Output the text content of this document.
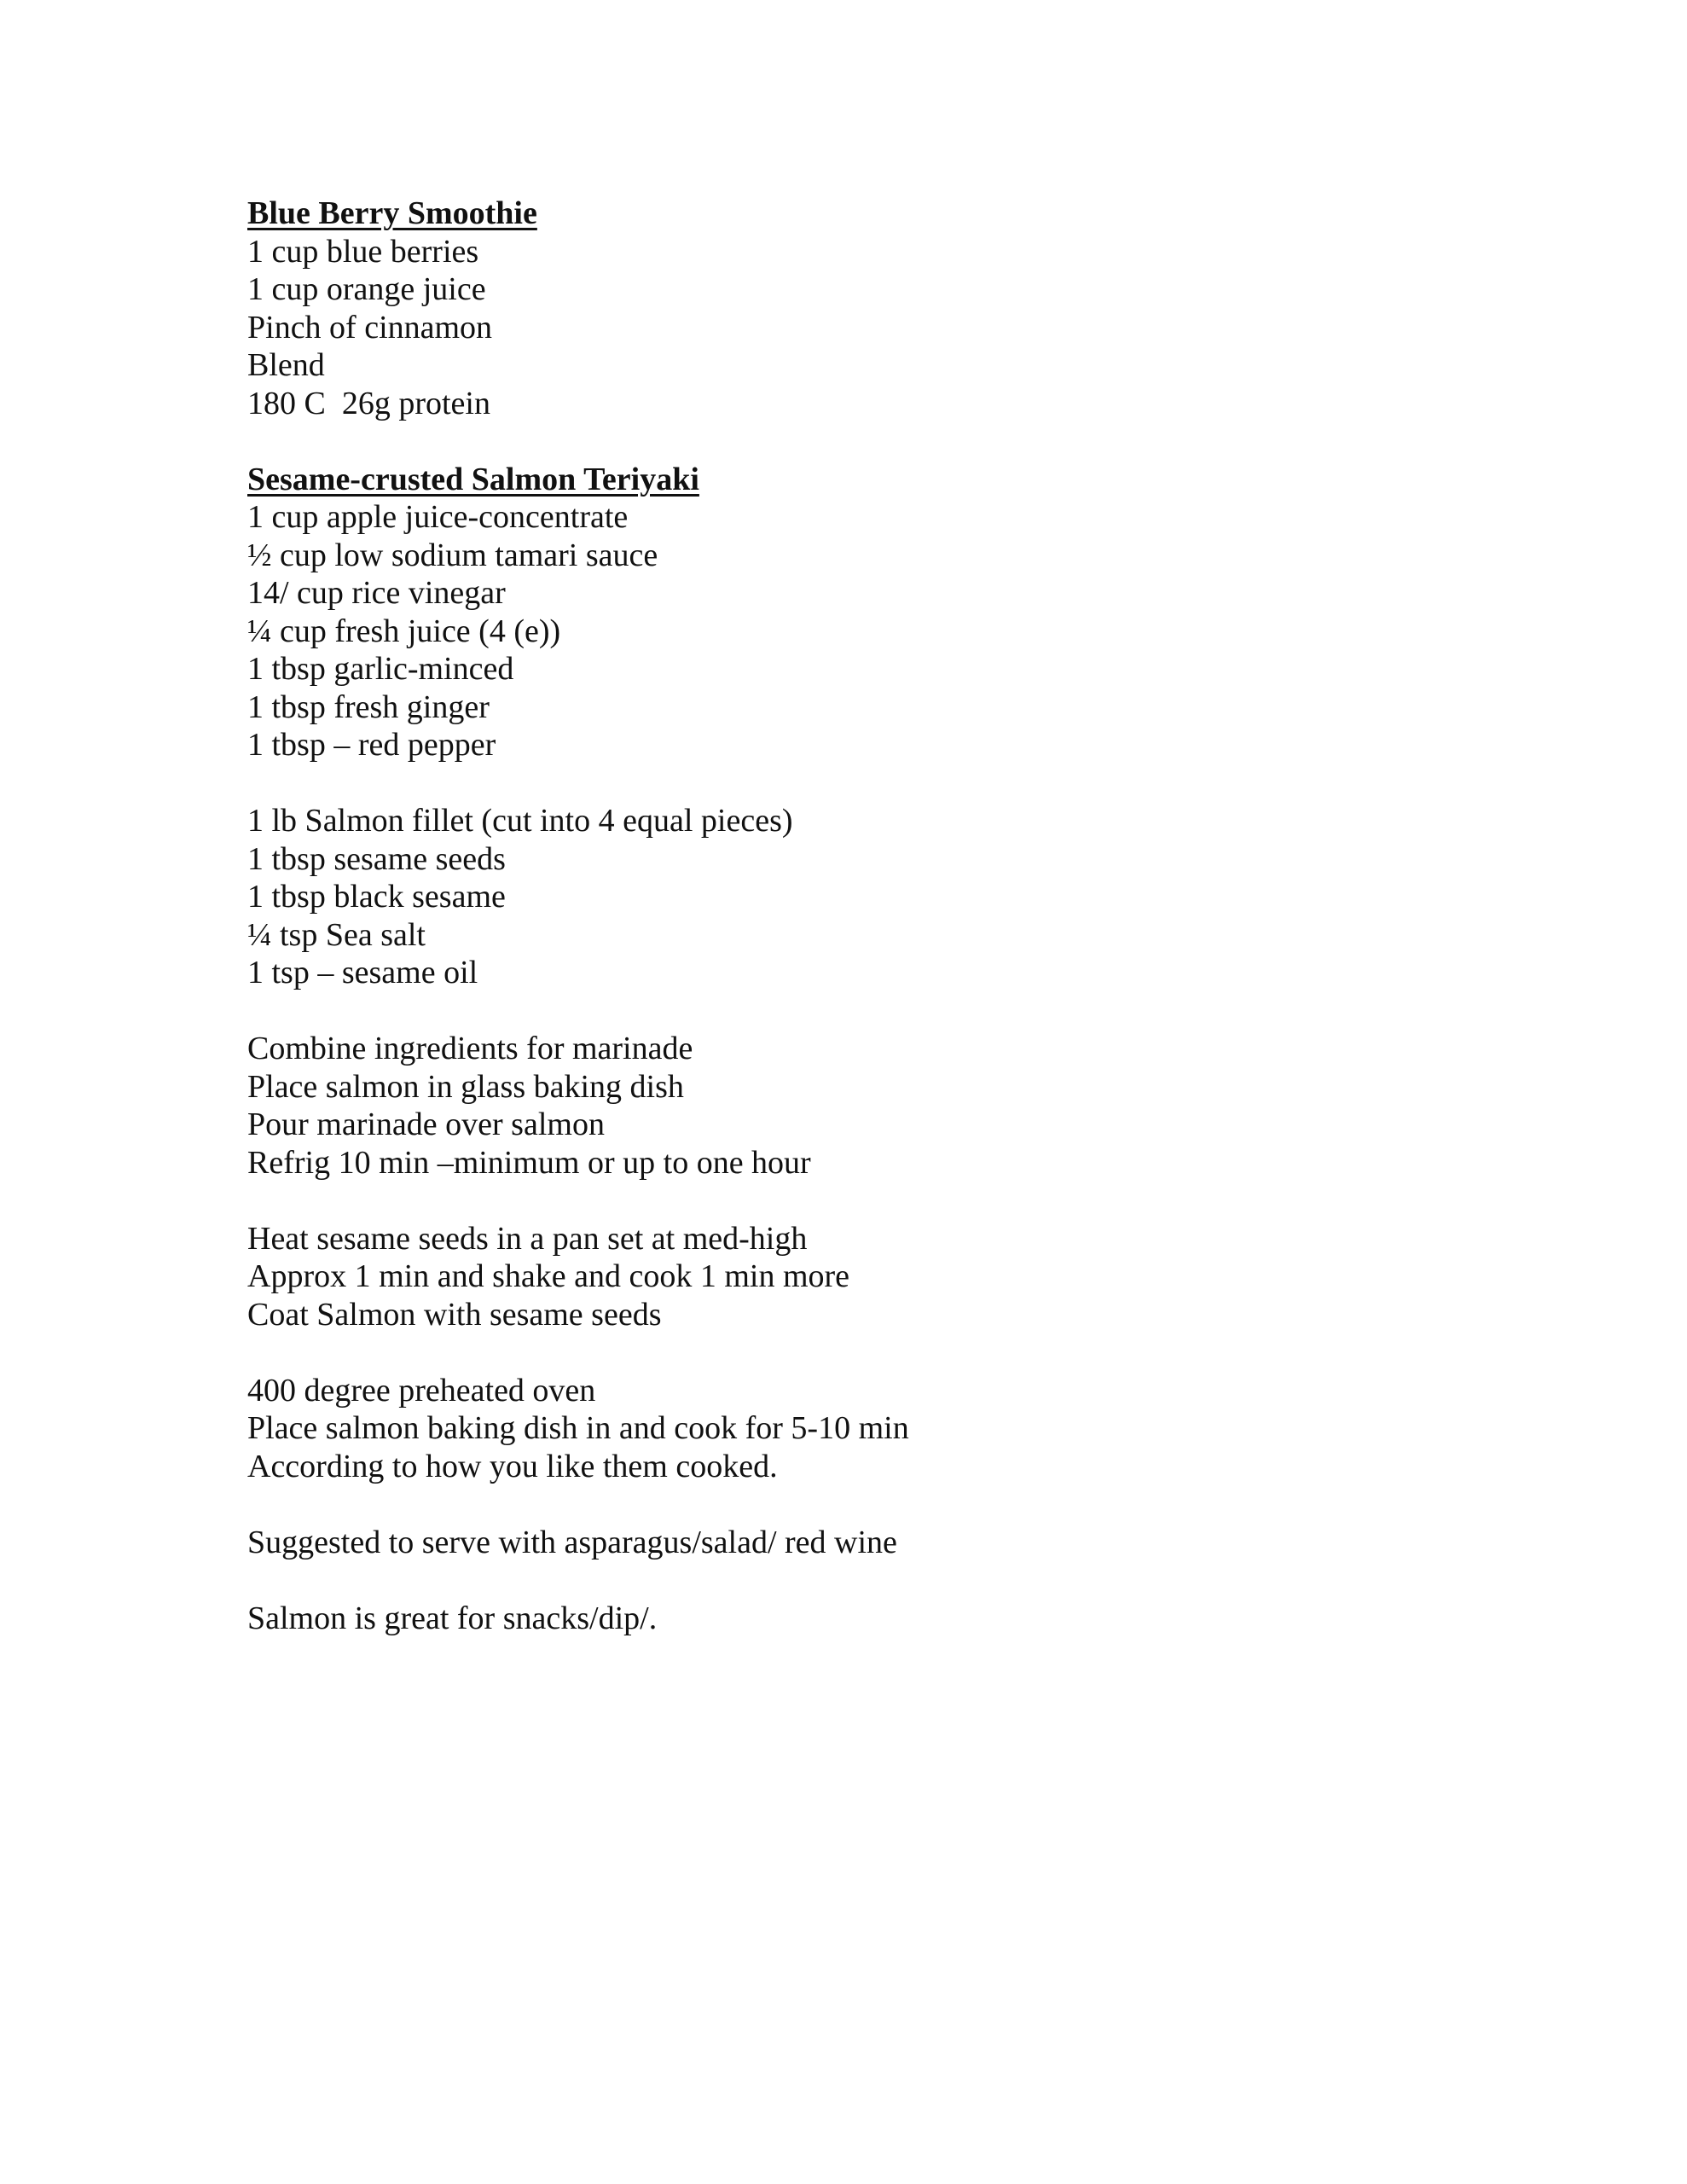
Blue Berry Smoothie
1 cup blue berries
1 cup orange juice
Pinch of cinnamon
Blend
180 C  26g protein
Sesame-crusted Salmon Teriyaki
1 cup apple juice-concentrate
½ cup low sodium tamari sauce
14/ cup rice vinegar
¼ cup fresh juice (4 (e))
1 tbsp garlic-minced
1 tbsp fresh ginger
1 tbsp – red pepper
1 lb Salmon fillet (cut into 4 equal pieces)
1 tbsp sesame seeds
1 tbsp black sesame
¼ tsp Sea salt
1 tsp – sesame oil
Combine ingredients for marinade
Place salmon in glass baking dish
Pour marinade over salmon
Refrig 10 min –minimum or up to one hour
Heat sesame seeds in a pan set at med-high
Approx 1 min and shake and cook 1 min more
Coat Salmon with sesame seeds
400 degree preheated oven
Place salmon baking dish in and cook for 5-10 min
According to how you like them cooked.
Suggested to serve with asparagus/salad/ red wine
Salmon is great for snacks/dip/.
